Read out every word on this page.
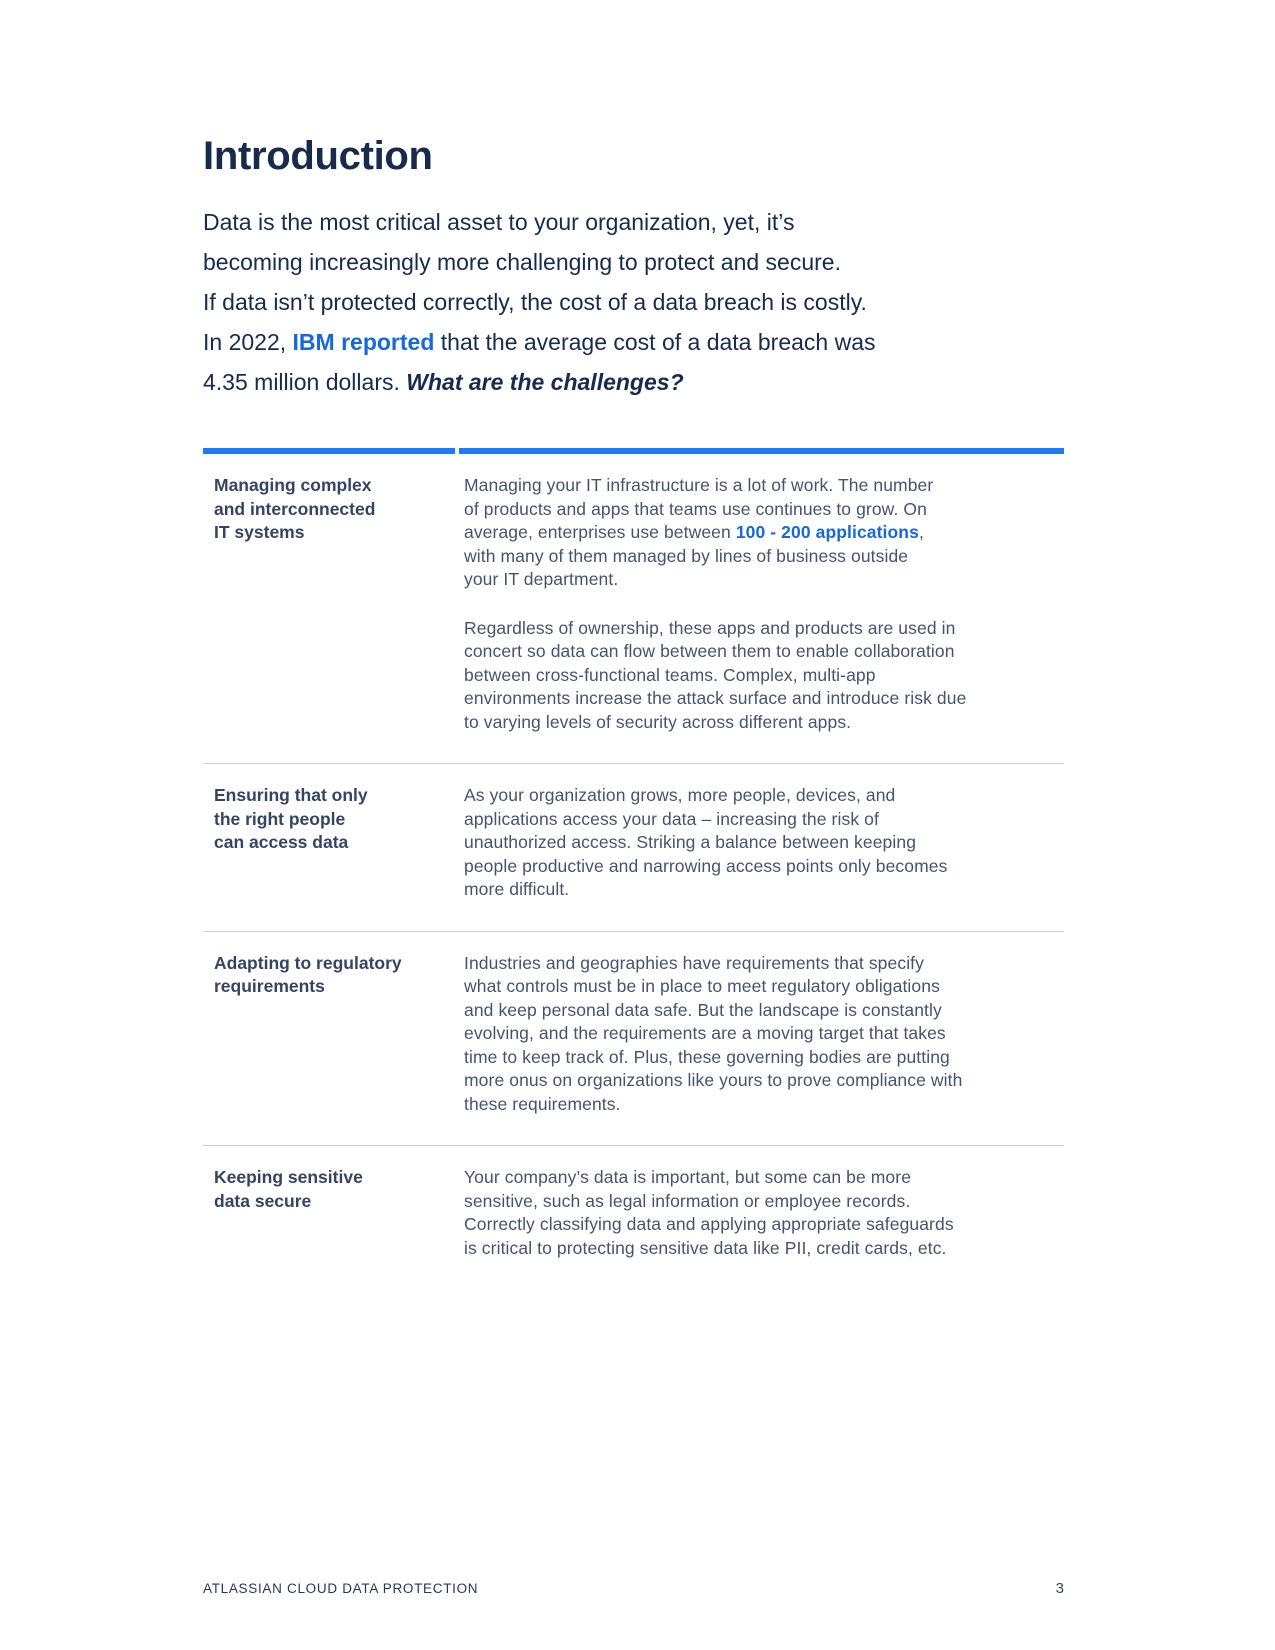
Introduction
Data is the most critical asset to your organization, yet, it’s
becoming increasingly more challenging to protect and secure.
If data isn’t protected correctly, the cost of a data breach is costly.
In 2022, IBM reported that the average cost of a data breach was
4.35 million dollars. What are the challenges?
Managing complex
and interconnected
IT systems
Managing your IT infrastructure is a lot of work. The number
of products and apps that teams use continues to grow. On
average, enterprises use between 100 - 200 applications,
with many of them managed by lines of business outside
your IT department.
Regardless of ownership, these apps and products are used in
concert so data can flow between them to enable collaboration
between cross-functional teams. Complex, multi-app
environments increase the attack surface and introduce risk due
to varying levels of security across different apps.
Ensuring that only
the right people
can access data
As your organization grows, more people, devices, and
applications access your data – increasing the risk of
unauthorized access. Striking a balance between keeping
people productive and narrowing access points only becomes
more difficult.
Adapting to regulatory
requirements
Industries and geographies have requirements that specify
what controls must be in place to meet regulatory obligations
and keep personal data safe. But the landscape is constantly
evolving, and the requirements are a moving target that takes
time to keep track of. Plus, these governing bodies are putting
more onus on organizations like yours to prove compliance with
these requirements.
Keeping sensitive
data secure
Your company’s data is important, but some can be more
sensitive, such as legal information or employee records.
Correctly classifying data and applying appropriate safeguards
is critical to protecting sensitive data like PII, credit cards, etc.
ATLASSIAN CLOUD DATA PROTECTION	3
